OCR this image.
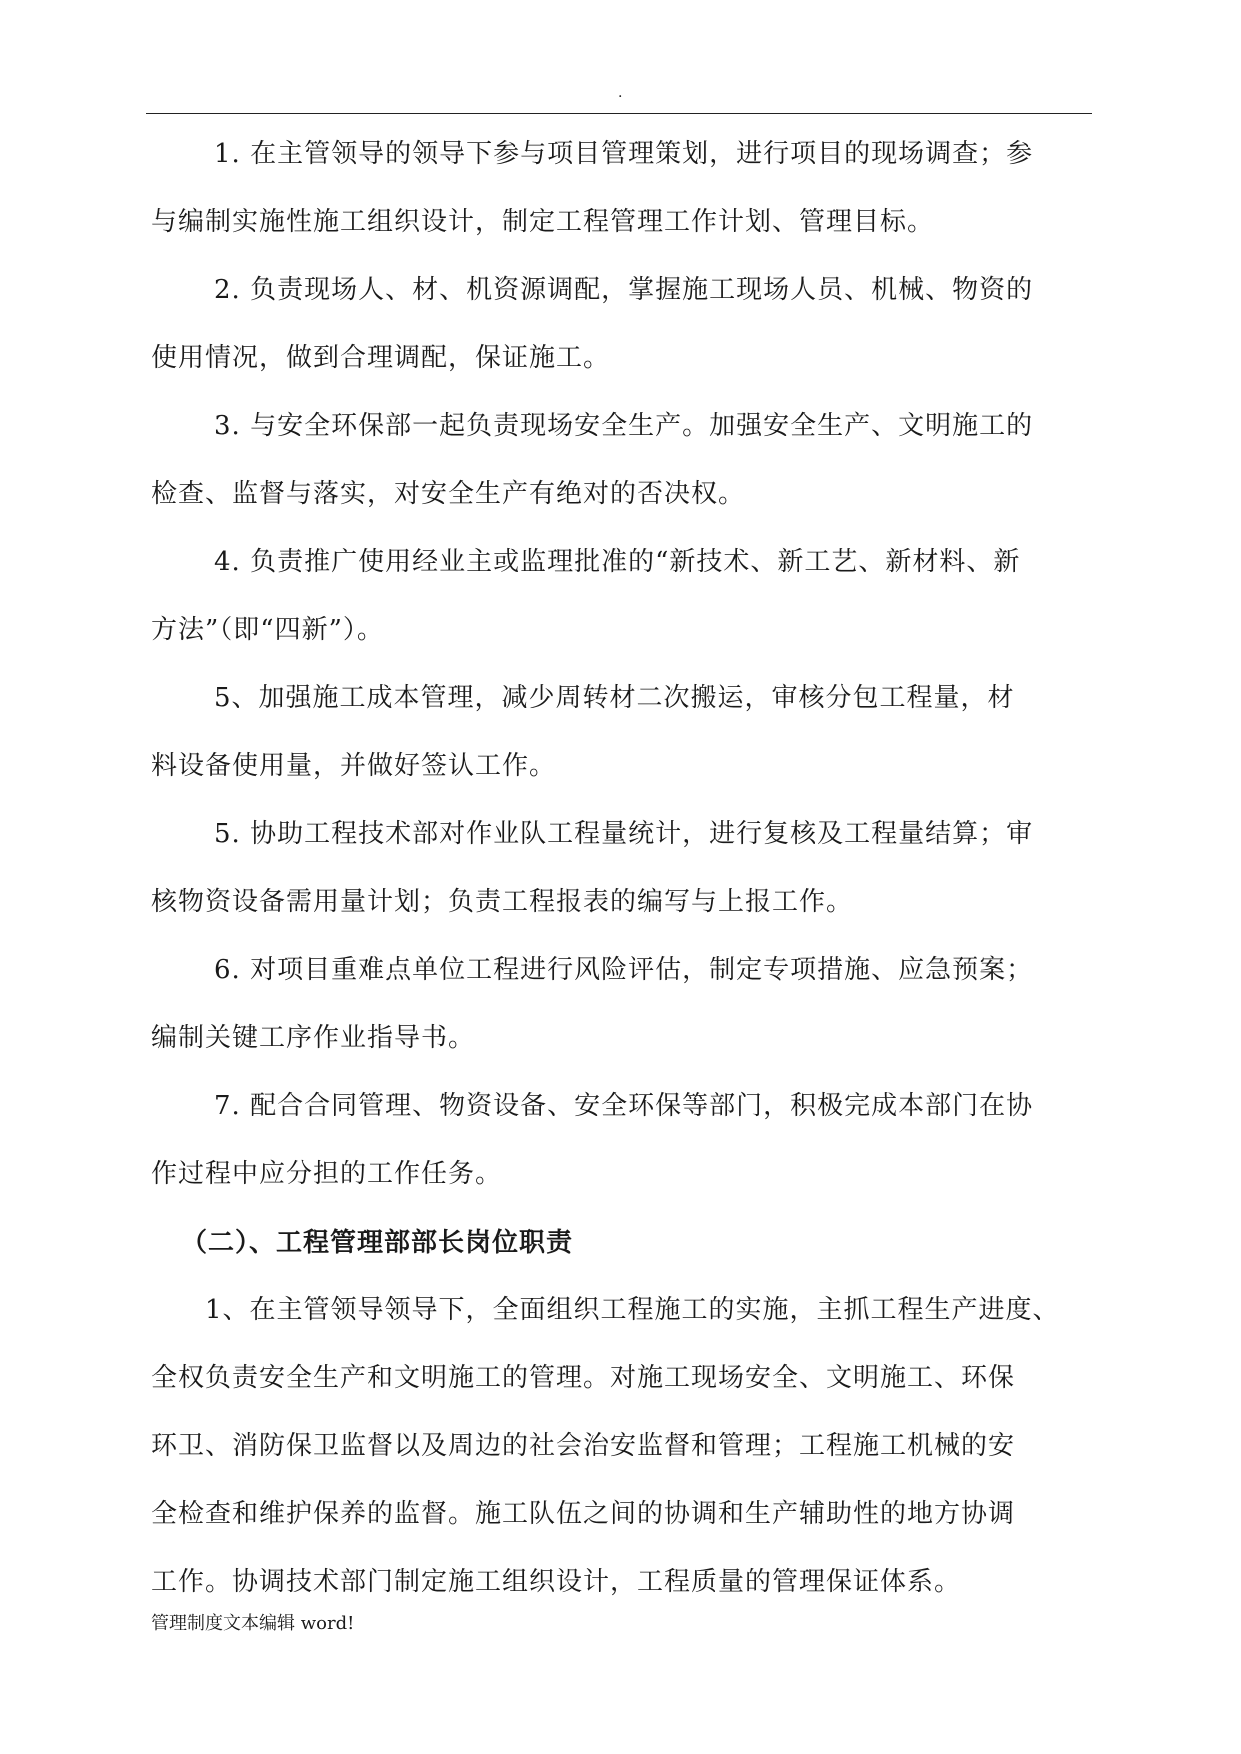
.
1. 在主管领导的领导下参与项目管理策划，进行项目的现场调查；参
与编制实施性施工组织设计，制定工程管理工作计划、管理目标。
2. 负责现场人、材、机资源调配，掌握施工现场人员、机械、物资的
使用情况，做到合理调配，保证施工。
3. 与安全环保部一起负责现场安全生产。加强安全生产、文明施工的
检查、监督与落实，对安全生产有绝对的否决权。
4. 负责推广使用经业主或监理批准的“新技术、新工艺、新材料、新
方法”（即“四新”）。
5、加强施工成本管理，减少周转材二次搬运，审核分包工程量，材
料设备使用量，并做好签认工作。
5. 协助工程技术部对作业队工程量统计，进行复核及工程量结算；审
核物资设备需用量计划；负责工程报表的编写与上报工作。
6. 对项目重难点单位工程进行风险评估，制定专项措施、应急预案；
编制关键工序作业指导书。
7. 配合合同管理、物资设备、安全环保等部门，积极完成本部门在协
作过程中应分担的工作任务。
（二）、工程管理部部长岗位职责
1、在主管领导领导下，全面组织工程施工的实施，主抓工程生产进度、
全权负责安全生产和文明施工的管理。对施工现场安全、文明施工、环保
环卫、消防保卫监督以及周边的社会治安监督和管理；工程施工机械的安
全检查和维护保养的监督。施工队伍之间的协调和生产辅助性的地方协调
工作。协调技术部门制定施工组织设计，工程质量的管理保证体系。
管理制度文本编辑 word!
